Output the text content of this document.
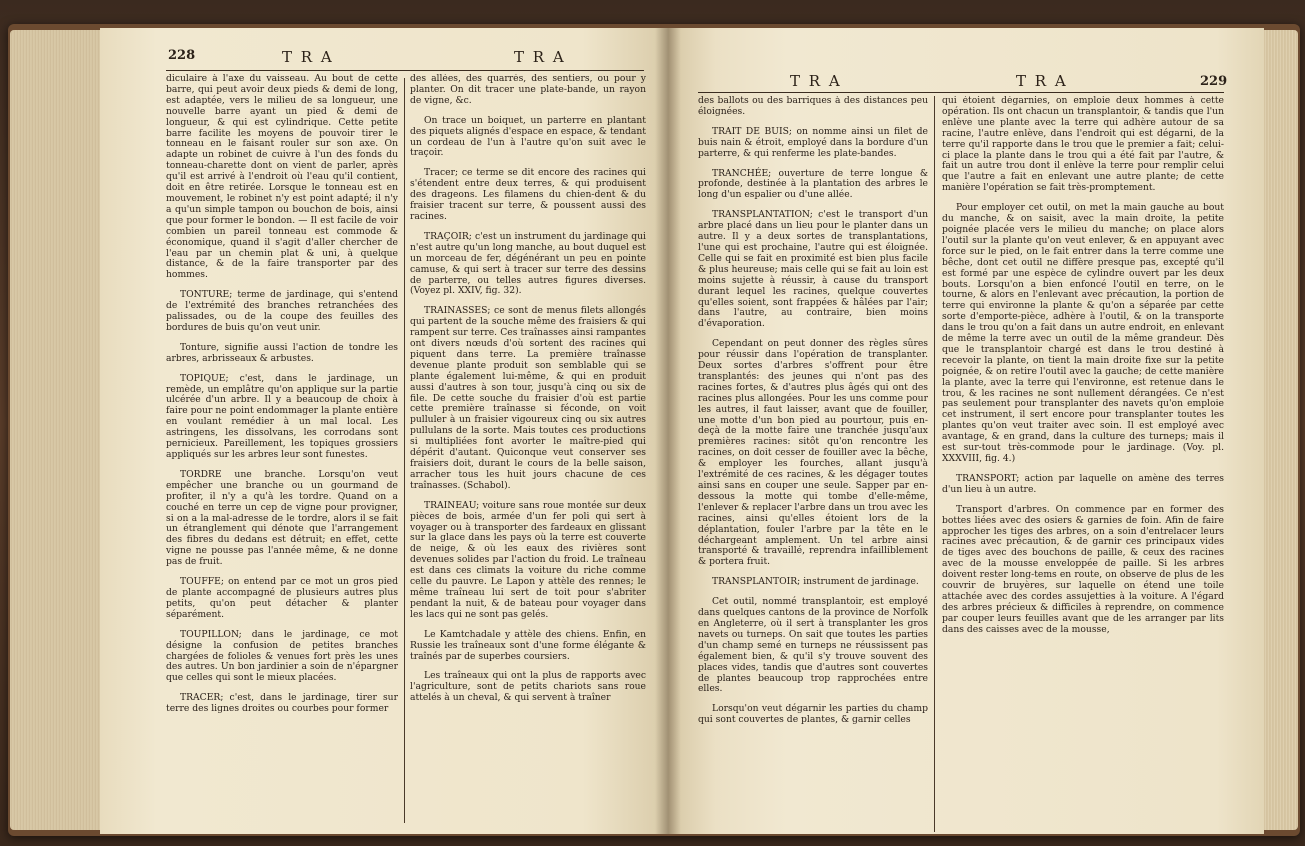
228	T R A	T R A

diculaire à l'axe du vaisseau. Au bout de cette barre, qui peut avoir deux pieds & demi de long, est adaptée, vers le milieu de sa longueur, une nouvelle barre ayant un pied & demi de longueur, & qui est cylindrique. Cette petite barre facilite les moyens de pouvoir tirer le tonneau en le faisant rouler sur son axe. On adapte un robinet de cuivre à l'un des fonds du tonneau-charette dont on vient de parler, après qu'il est arrivé à l'endroit où l'eau qu'il contient, doit en être retirée. Lorsque le tonneau est en mouvement, le robinet n'y est point adapté; il n'y a qu'un simple tampon ou bouchon de bois, ainsi que pour former le bondon. — Il est facile de voir combien un pareil tonneau est commode & économique, quand il s'agit d'aller chercher de l'eau par un chemin plat & uni, à quelque distance, & de la faire transporter par des hommes.

TONTURE; terme de jardinage, qui s'entend de l'extrémité des branches retranchées des palissades, ou de la coupe des feuilles des bordures de buis qu'on veut unir.

Tonture, signifie aussi l'action de tondre les arbres, arbrisseaux & arbustes.

TOPIQUE; c'est, dans le jardinage, un remède, un emplâtre qu'on applique sur la partie ulcérée d'un arbre. Il y a beaucoup de choix à faire pour ne point endommager la plante entière en voulant remédier à un mal local. Les astringens, les dissolvans, les corrodans sont pernicieux. Pareillement, les topiques grossiers appliqués sur les arbres leur sont funestes.

TORDRE une branche. Lorsqu'on veut empêcher une branche ou un gourmand de profiter, il n'y a qu'à les tordre. Quand on a couché en terre un cep de vigne pour provigner, si on a la mal-adresse de le tordre, alors il se fait un étranglement qui dénote que l'arrangement des fibres du dedans est détruit; en effet, cette vigne ne pousse pas l'année même, & ne donne pas de fruit.

TOUFFE; on entend par ce mot un gros pied de plante accompagné de plusieurs autres plus petits, qu'on peut détacher & planter séparément.

TOUPILLON; dans le jardinage, ce mot désigne la confusion de petites branches chargées de folioles & venues fort près les unes des autres. Un bon jardinier a soin de n'épargner que celles qui sont le mieux placées.

TRACER; c'est, dans le jardinage, tirer sur terre des lignes droites ou courbes pour former

des allées, des quarrés, des sentiers, ou pour y planter. On dit tracer une plate-bande, un rayon de vigne, &c.

On trace un boiquet, un parterre en plantant des piquets alignés d'espace en espace, & tendant un cordeau de l'un à l'autre qu'on suit avec le traçoir.

Tracer; ce terme se dit encore des racines qui s'étendent entre deux terres, & qui produisent des drageons. Les filamens du chien-dent & du fraisier tracent sur terre, & poussent aussi des racines.

TRAÇOIR; c'est un instrument du jardinage qui n'est autre qu'un long manche, au bout duquel est un morceau de fer, dégénérant un peu en pointe camuse, & qui sert à tracer sur terre des dessins de parterre, ou telles autres figures diverses. (Voyez pl. XXIV, fig. 32).

TRAINASSES; ce sont de menus filets allongés qui partent de la souche même des fraisiers & qui rampent sur terre. Ces traînasses ainsi rampantes ont divers nœuds d'où sortent des racines qui piquent dans terre. La première traînasse devenue plante produit son semblable qui se plante également lui-même, & qui en produit aussi d'autres à son tour, jusqu'à cinq ou six de file. De cette souche du fraisier d'où est partie cette première traînasse si féconde, on voit pulluler à un fraisier vigoureux cinq ou six autres pullulans de la sorte. Mais toutes ces productions si multipliées font avorter le maître-pied qui dépérit d'autant. Quiconque veut conserver ses fraisiers doit, durant le cours de la belle saison, arracher tous les huit jours chacune de ces traînasses. (Schabol).

TRAINEAU; voiture sans roue montée sur deux pièces de bois, armée d'un fer poli qui sert à voyager ou à transporter des fardeaux en glissant sur la glace dans les pays où la terre est couverte de neige, & où les eaux des rivières sont devenues solides par l'action du froid. Le traîneau est dans ces climats la voiture du riche comme celle du pauvre. Le Lapon y attèle des rennes; le même traîneau lui sert de toit pour s'abriter pendant la nuit, & de bateau pour voyager dans les lacs qui ne sont pas gelés.

Le Kamtchadale y attèle des chiens. Enfin, en Russie les traîneaux sont d'une forme élégante & traînés par de superbes coursiers.

Les traîneaux qui ont la plus de rapports avec l'agriculture, sont de petits chariots sans roue attelés à un cheval, & qui servent à traîner

T R A	T R A	229

des ballots ou des barriques à des distances peu éloignées.

TRAIT DE BUIS; on nomme ainsi un filet de buis nain & étroit, employé dans la bordure d'un parterre, & qui renferme les plate-bandes.

TRANCHÉE; ouverture de terre longue & profonde, destinée à la plantation des arbres le long d'un espalier ou d'une allée.

TRANSPLANTATION; c'est le transport d'un arbre placé dans un lieu pour le planter dans un autre. Il y a deux sortes de transplantations, l'une qui est prochaine, l'autre qui est éloignée. Celle qui se fait en proximité est bien plus facile & plus heureuse; mais celle qui se fait au loin est moins sujette à réussir, à cause du transport durant lequel les racines, quelque couvertes qu'elles soient, sont frappées & hâlées par l'air; dans l'autre, au contraire, bien moins d'évaporation.

Cependant on peut donner des règles sûres pour réussir dans l'opération de transplanter. Deux sortes d'arbres s'offrent pour être transplantés: des jeunes qui n'ont pas des racines fortes, & d'autres plus âgés qui ont des racines plus allongées. Pour les uns comme pour les autres, il faut laisser, avant que de fouiller, une motte d'un bon pied au pourtour, puis en-deçà de la motte faire une tranchée jusqu'aux premières racines: sitôt qu'on rencontre les racines, on doit cesser de fouiller avec la bêche, & employer les fourches, allant jusqu'à l'extrémité de ces racines, & les dégager toutes ainsi sans en couper une seule. Sapper par en-dessous la motte qui tombe d'elle-même, l'enlever & replacer l'arbre dans un trou avec les racines, ainsi qu'elles étoient lors de la déplantation, fouler l'arbre par la tête en le déchargeant amplement. Un tel arbre ainsi transporté & travaillé, reprendra infailliblement & portera fruit.

TRANSPLANTOIR; instrument de jardinage.

Cet outil, nommé transplantoir, est employé dans quelques cantons de la province de Norfolk en Angleterre, où il sert à transplanter les gros navets ou turneps. On sait que toutes les parties d'un champ semé en turneps ne réussissent pas également bien, & qu'il s'y trouve souvent des places vides, tandis que d'autres sont couvertes de plantes beaucoup trop rapprochées entre elles.

Lorsqu'on veut dégarnir les parties du champ qui sont couvertes de plantes, & garnir celles

qui étoient dégarnies, on emploie deux hommes à cette opération. Ils ont chacun un transplantoir, & tandis que l'un enlève une plante avec la terre qui adhère autour de sa racine, l'autre enlève, dans l'endroit qui est dégarni, de la terre qu'il rapporte dans le trou que le premier a fait; celui-ci place la plante dans le trou qui a été fait par l'autre, & fait un autre trou dont il enlève la terre pour remplir celui que l'autre a fait en enlevant une autre plante; de cette manière l'opération se fait très-promptement.

Pour employer cet outil, on met la main gauche au bout du manche, & on saisit, avec la main droite, la petite poignée placée vers le milieu du manche; on place alors l'outil sur la plante qu'on veut enlever, & en appuyant avec force sur le pied, on le fait entrer dans la terre comme une bêche, dont cet outil ne diffère presque pas, excepté qu'il est formé par une espèce de cylindre ouvert par les deux bouts. Lorsqu'on a bien enfoncé l'outil en terre, on le tourne, & alors en l'enlevant avec précaution, la portion de terre qui environne la plante & qu'on a séparée par cette sorte d'emporte-pièce, adhère à l'outil, & on la transporte dans le trou qu'on a fait dans un autre endroit, en enlevant de même la terre avec un outil de la même grandeur. Dès que le transplantoir chargé est dans le trou destiné à recevoir la plante, on tient la main droite fixe sur la petite poignée, & on retire l'outil avec la gauche; de cette manière la plante, avec la terre qui l'environne, est retenue dans le trou, & les racines ne sont nullement dérangées. Ce n'est pas seulement pour transplanter des navets qu'on emploie cet instrument, il sert encore pour transplanter toutes les plantes qu'on veut traiter avec soin. Il est employé avec avantage, & en grand, dans la culture des turneps; mais il est sur-tout très-commode pour le jardinage. (Voy. pl. XXXVIII, fig. 4.)

TRANSPORT; action par laquelle on amène des terres d'un lieu à un autre.

Transport d'arbres. On commence par en former des bottes liées avec des osiers & garnies de foin. Afin de faire approcher les tiges des arbres, on a soin d'entrelacer leurs racines avec précaution, & de garnir ces principaux vides de tiges avec des bouchons de paille, & ceux des racines avec de la mousse enveloppée de paille. Si les arbres doivent rester long-tems en route, on observe de plus de les couvrir de bruyères, sur laquelle on étend une toile attachée avec des cordes assujetties à la voiture. A l'égard des arbres précieux & difficiles à reprendre, on commence par couper leurs feuilles avant que de les arranger par lits dans des caisses avec de la mousse,
